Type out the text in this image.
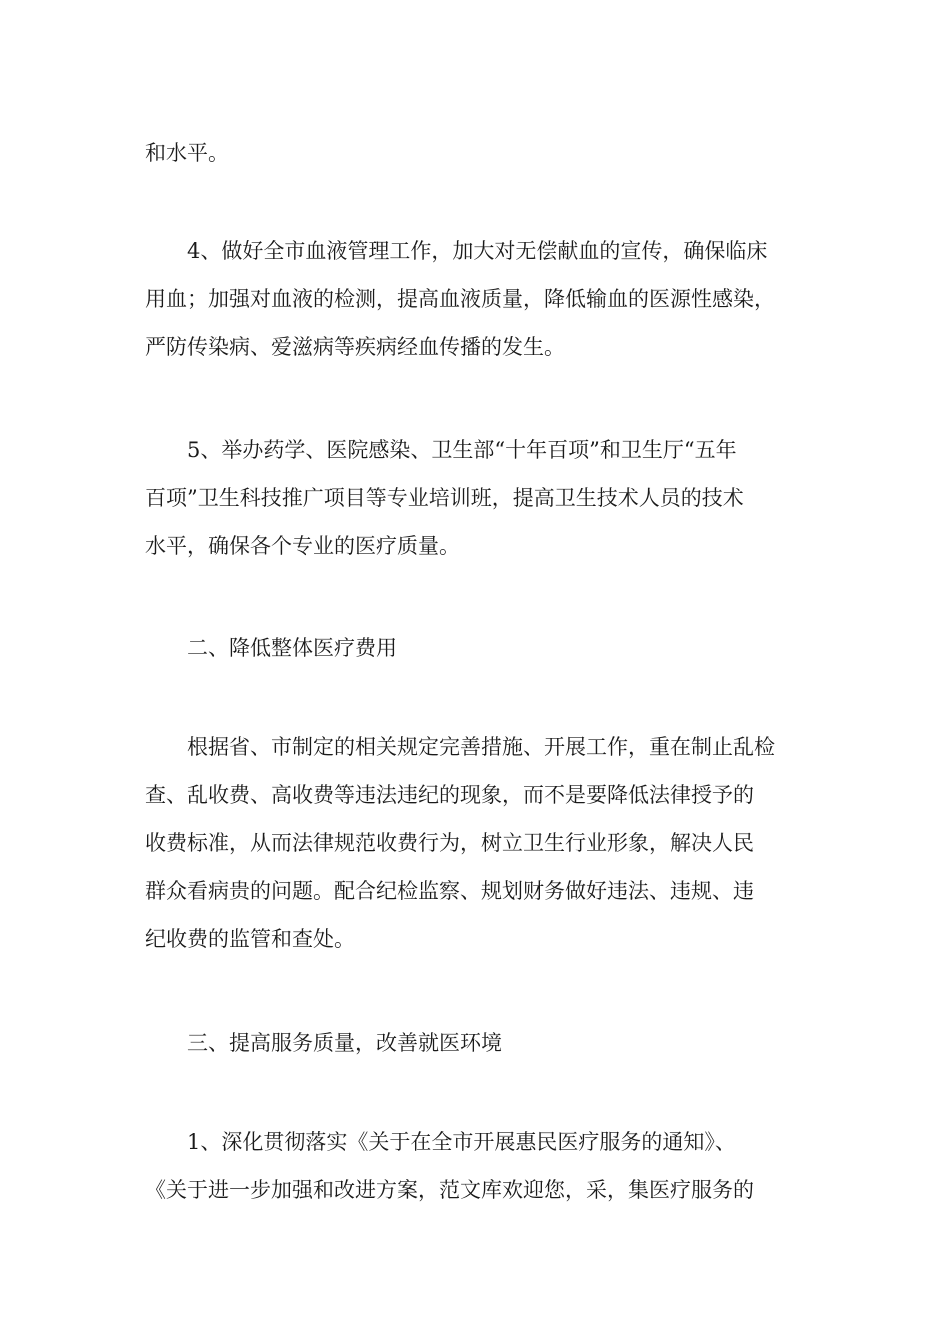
和水平。
　　4、做好全市血液管理工作，加大对无偿献血的宣传，确保临床
用血；加强对血液的检测，提高血液质量，降低输血的医源性感染，
严防传染病、爱滋病等疾病经血传播的发生。
　　5、举办药学、医院感染、卫生部“十年百项”和卫生厅“五年
百项”卫生科技推广项目等专业培训班，提高卫生技术人员的技术
水平，确保各个专业的医疗质量。
　　二、降低整体医疗费用
　　根据省、市制定的相关规定完善措施、开展工作，重在制止乱检
查、乱收费、高收费等违法违纪的现象，而不是要降低法律授予的
收费标准，从而法律规范收费行为，树立卫生行业形象，解决人民
群众看病贵的问题。配合纪检监察、规划财务做好违法、违规、违
纪收费的监管和查处。
　　三、提高服务质量，改善就医环境
　　1、深化贯彻落实《关于在全市开展惠民医疗服务的通知》、
《关于进一步加强和改进方案，范文库欢迎您，采，集医疗服务的
